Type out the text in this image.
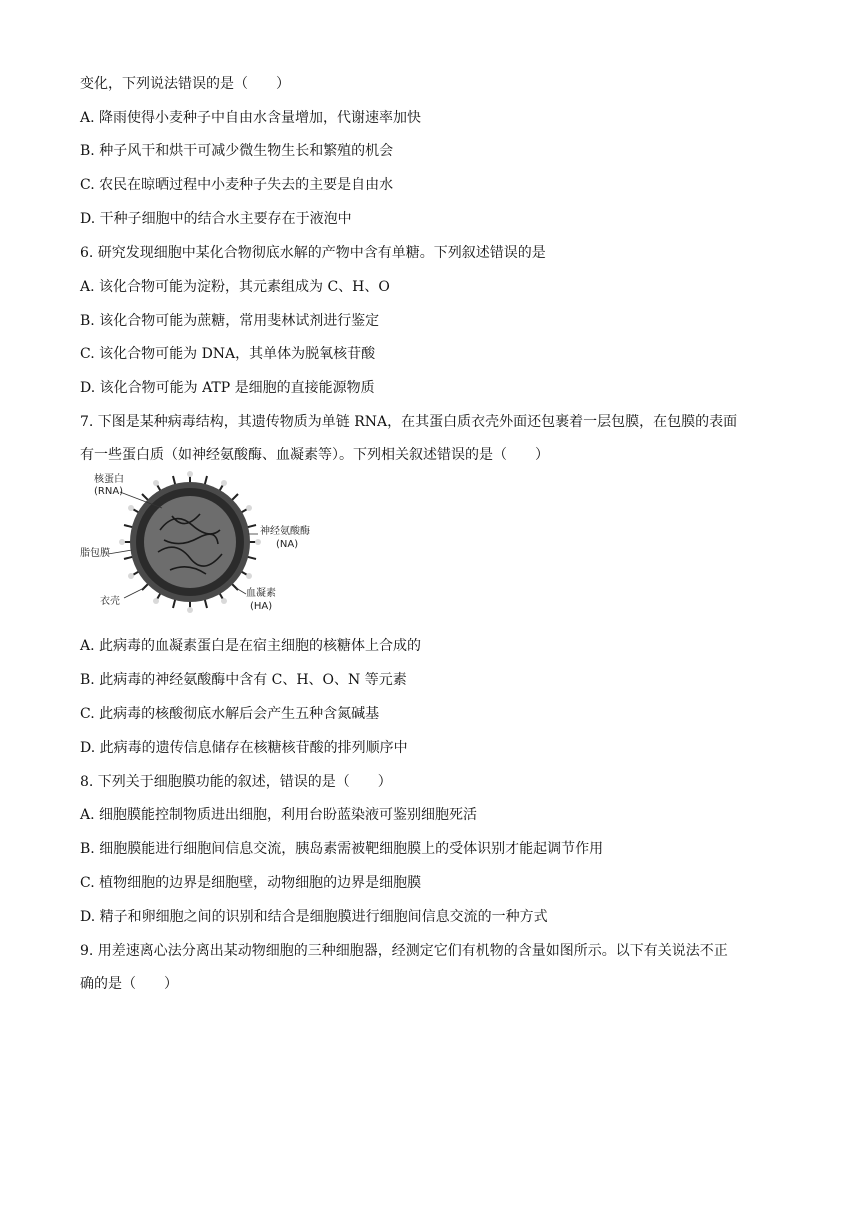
变化，下列说法错误的是（　　）
A. 降雨使得小麦种子中自由水含量增加，代谢速率加快
B. 种子风干和烘干可减少微生物生长和繁殖的机会
C. 农民在晾晒过程中小麦种子失去的主要是自由水
D. 干种子细胞中的结合水主要存在于液泡中
6. 研究发现细胞中某化合物彻底水解的产物中含有单糖。下列叙述错误的是
A. 该化合物可能为淀粉，其元素组成为 C、H、O
B. 该化合物可能为蔗糖，常用斐林试剂进行鉴定
C. 该化合物可能为 DNA，其单体为脱氧核苷酸
D. 该化合物可能为 ATP 是细胞的直接能源物质
7. 下图是某种病毒结构，其遗传物质为单链 RNA，在其蛋白质衣壳外面还包裹着一层包膜，在包膜的表面
有一些蛋白质（如神经氨酸酶、血凝素等）。下列相关叙述错误的是（　　）
核蛋白
(RNA)
神经氨酸酶
(NA)
脂包膜
衣壳
血凝素
(HA)
A. 此病毒的血凝素蛋白是在宿主细胞的核糖体上合成的
B. 此病毒的神经氨酸酶中含有 C、H、O、N 等元素
C. 此病毒的核酸彻底水解后会产生五种含氮碱基
D. 此病毒的遗传信息储存在核糖核苷酸的排列顺序中
8. 下列关于细胞膜功能的叙述，错误的是（　　）
A. 细胞膜能控制物质进出细胞，利用台盼蓝染液可鉴别细胞死活
B. 细胞膜能进行细胞间信息交流，胰岛素需被靶细胞膜上的受体识别才能起调节作用
C. 植物细胞的边界是细胞壁，动物细胞的边界是细胞膜
D. 精子和卵细胞之间的识别和结合是细胞膜进行细胞间信息交流的一种方式
9. 用差速离心法分离出某动物细胞的三种细胞器，经测定它们有机物的含量如图所示。以下有关说法不正
确的是（　　）
